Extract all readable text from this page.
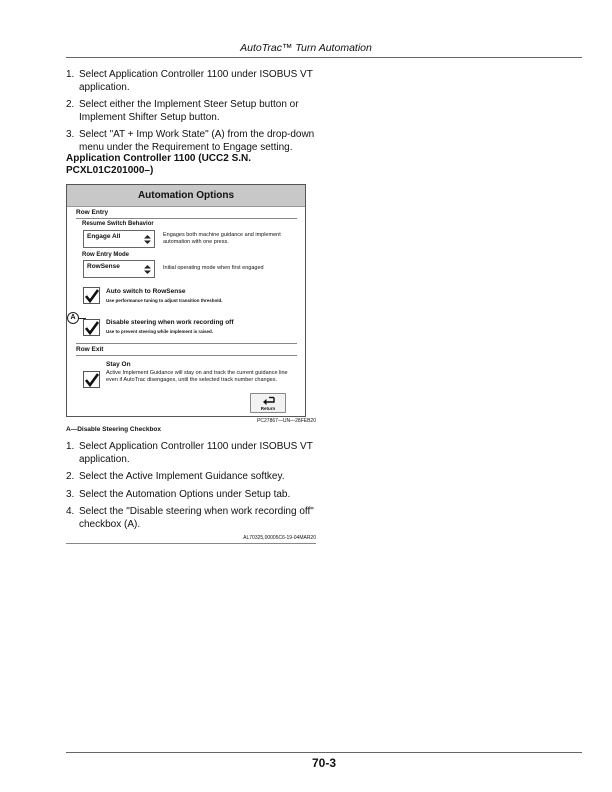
AutoTrac™ Turn Automation
1. Select Application Controller 1100 under ISOBUS VT application.
2. Select either the Implement Steer Setup button or Implement Shifter Setup button.
3. Select "AT + Imp Work State" (A) from the drop-down menu under the Requirement to Engage setting.
Application Controller 1100 (UCC2 S.N. PCXL01C201000–)
Automation Options
Row Entry
Resume Switch Behavior
Engage All	Engages both machine guidance and implement automation with one press.
Row Entry Mode
RowSense	Initial operating mode when first engaged
Auto switch to RowSense
Use performance tuning to adjust transition threshold.
Disable steering when work recording off
Use to prevent steering while implement is raised.
Row Exit
Stay On
Active Implement Guidance will stay on and track the current guidance line even if AutoTrac disengages, until the selected track number changes.
A
Return
PC27867—UN—28FEB20
A—Disable Steering Checkbox
1. Select Application Controller 1100 under ISOBUS VT application.
2. Select the Active Implement Guidance softkey.
3. Select the Automation Options under Setup tab.
4. Select the "Disable steering when work recording off" checkbox (A).
AL70325,00005C6-19-04MAR20
70-3
